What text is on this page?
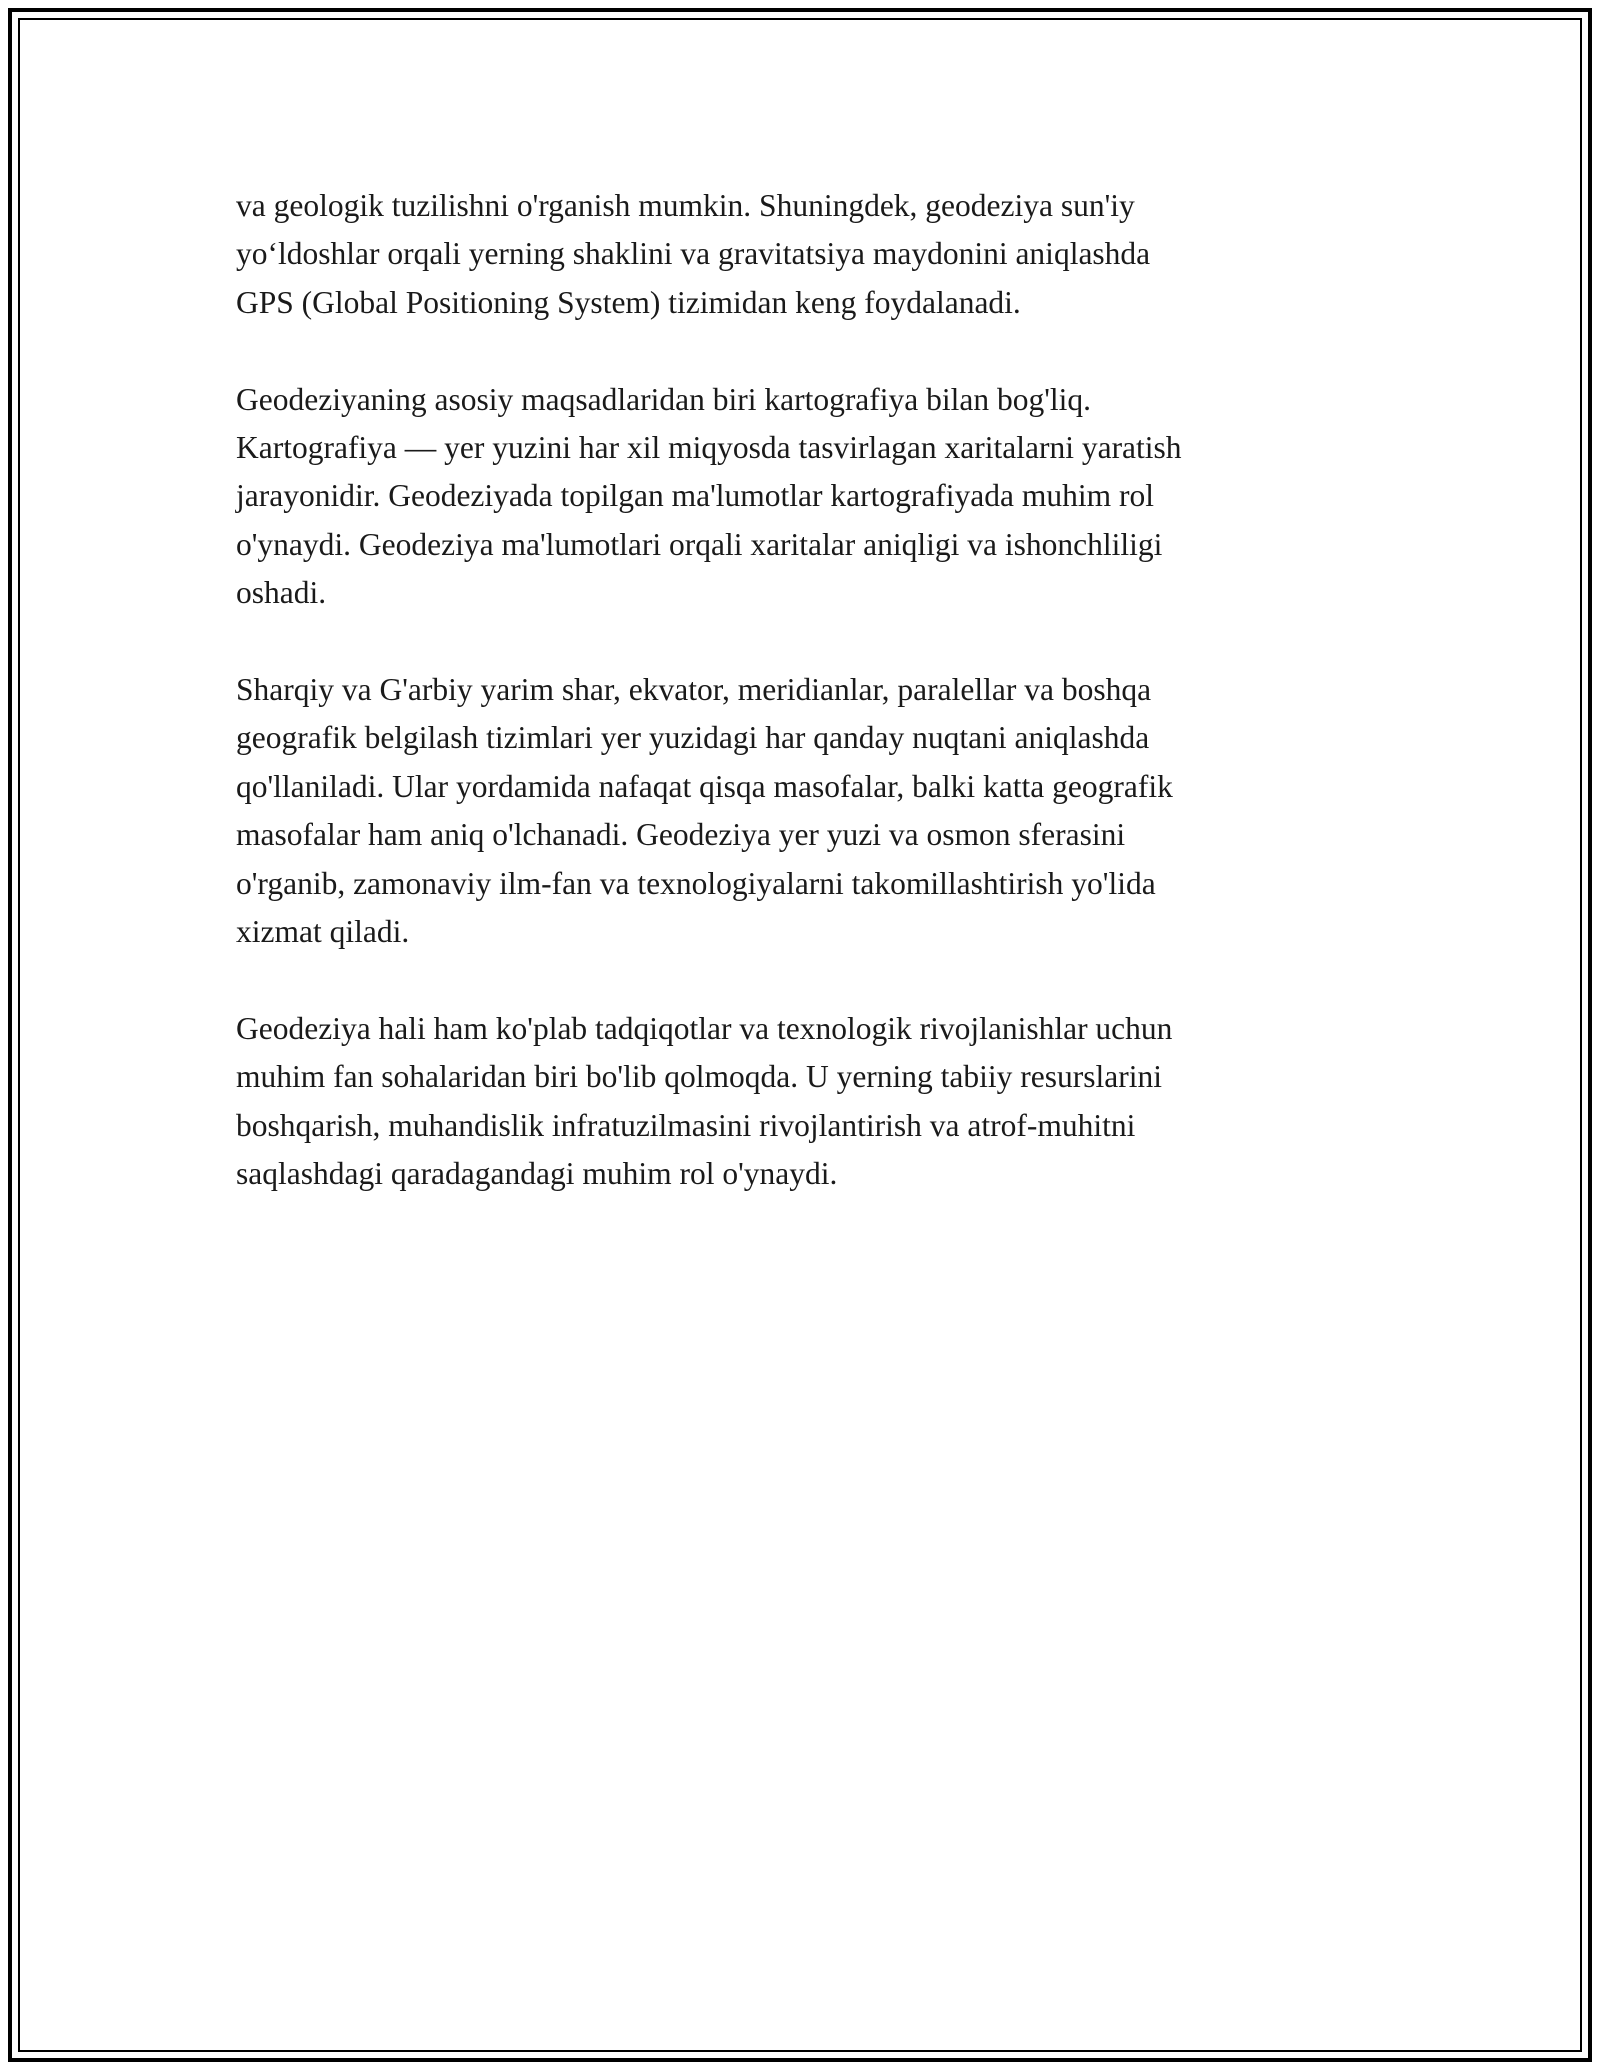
va geologik tuzilishni o'rganish mumkin. Shuningdek, geodeziya sun'iy
yo‘ldoshlar orqali yerning shaklini va gravitatsiya maydonini aniqlashda
GPS (Global Positioning System) tizimidan keng foydalanadi.

Geodeziyaning asosiy maqsadlaridan biri kartografiya bilan bog'liq.
Kartografiya — yer yuzini har xil miqyosda tasvirlagan xaritalarni yaratish
jarayonidir. Geodeziyada topilgan ma'lumotlar kartografiyada muhim rol
o'ynaydi. Geodeziya ma'lumotlari orqali xaritalar aniqligi va ishonchliligi
oshadi.

Sharqiy va G'arbiy yarim shar, ekvator, meridianlar, paralellar va boshqa
geografik belgilash tizimlari yer yuzidagi har qanday nuqtani aniqlashda
qo'llaniladi. Ular yordamida nafaqat qisqa masofalar, balki katta geografik
masofalar ham aniq o'lchanadi. Geodeziya yer yuzi va osmon sferasini
o'rganib, zamonaviy ilm-fan va texnologiyalarni takomillashtirish yo'lida
xizmat qiladi.

Geodeziya hali ham ko'plab tadqiqotlar va texnologik rivojlanishlar uchun
muhim fan sohalaridan biri bo'lib qolmoqda. U yerning tabiiy resurslarini
boshqarish, muhandislik infratuzilmasini rivojlantirish va atrof-muhitni
saqlashdagi qaradagandagi muhim rol o'ynaydi.
